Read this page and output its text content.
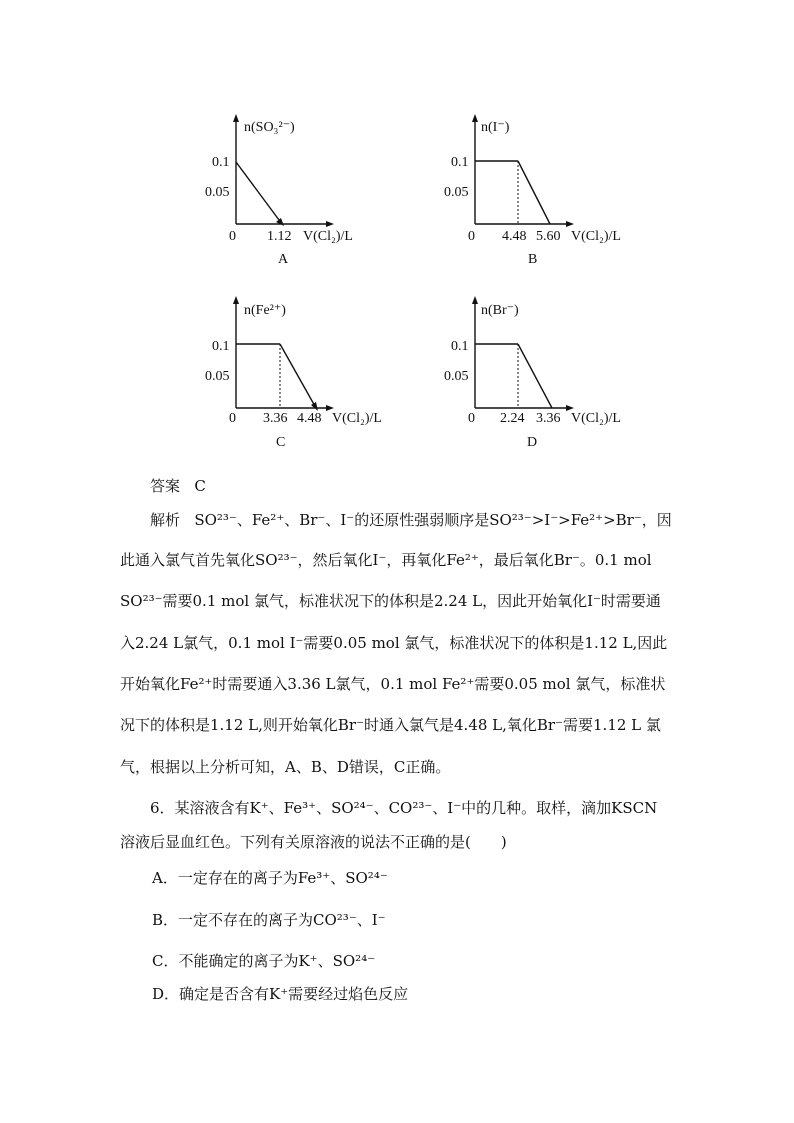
n(SO₃²⁻)
0.1
0.05
0 1.12 V(Cl₂)/L
A
n(I⁻)
0.1
0.05
0 4.48 5.60 V(Cl₂)/L
B
n(Fe²⁺)
0.1
0.05
0 3.36 4.48 V(Cl₂)/L
C
n(Br⁻)
0.1
0.05
0 2.24 3.36 V(Cl₂)/L
D
答案 C
解析 SO²³⁻、Fe²⁺、Br⁻、I⁻的还原性强弱顺序是SO²³⁻>I⁻>Fe²⁺>Br⁻，因
此通入氯气首先氧化SO²³⁻，然后氧化I⁻，再氧化Fe²⁺，最后氧化Br⁻。0.1 mol
SO²³⁻需要0.1 mol 氯气，标准状况下的体积是2.24 L，因此开始氧化I⁻时需要通
入2.24 L氯气，0.1 mol I⁻需要0.05 mol 氯气，标准状况下的体积是1.12 L,因此
开始氧化Fe²⁺时需要通入3.36 L氯气，0.1 mol Fe²⁺需要0.05 mol 氯气，标准状
况下的体积是1.12 L,则开始氧化Br⁻时通入氯气是4.48 L,氧化Br⁻需要1.12 L 氯
气，根据以上分析可知，A、B、D错误，C正确。
6．某溶液含有K⁺、Fe³⁺、SO²⁴⁻、CO²³⁻、I⁻中的几种。取样，滴加KSCN
溶液后显血红色。下列有关原溶液的说法不正确的是(　　)
A．一定存在的离子为Fe³⁺、SO²⁴⁻
B．一定不存在的离子为CO²³⁻、I⁻
C．不能确定的离子为K⁺、SO²⁴⁻
D．确定是否含有K⁺需要经过焰色反应
